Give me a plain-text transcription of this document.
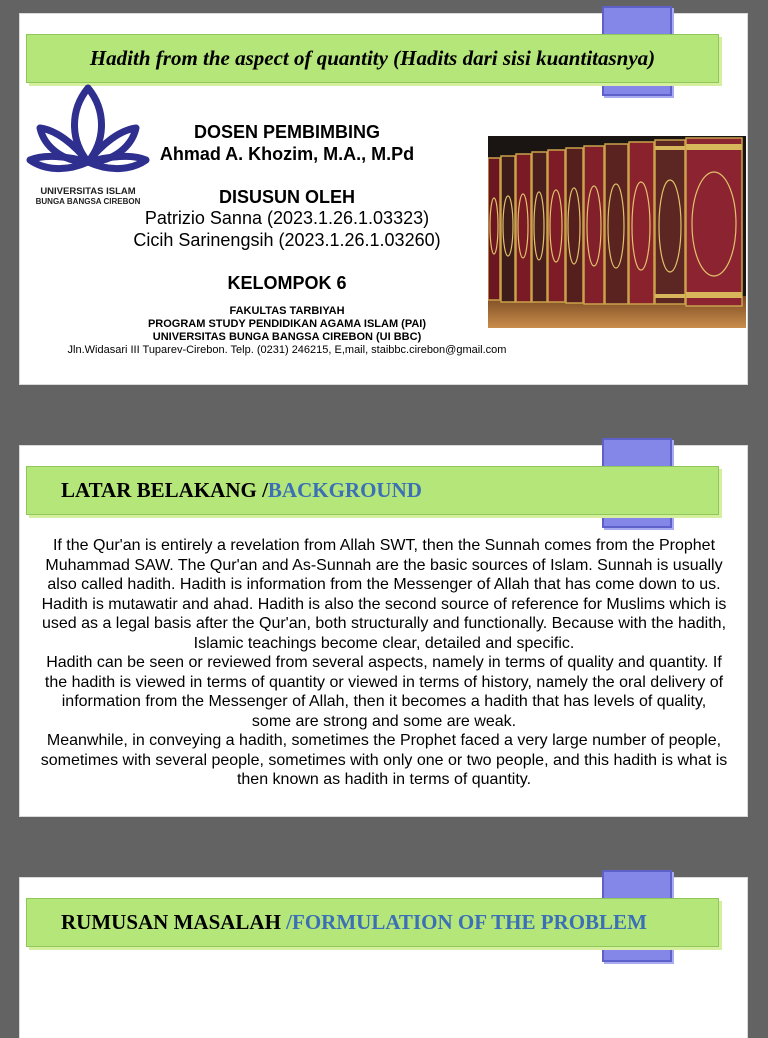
Hadith from the aspect of quantity (Hadits dari sisi kuantitasnya)
UNIVERSITAS ISLAM
BUNGA BANGSA CIREBON
DOSEN PEMBIMBING
Ahmad A. Khozim, M.A., M.Pd
DISUSUN OLEH
Patrizio Sanna (2023.1.26.1.03323)
Cicih Sarinengsih (2023.1.26.1.03260)
KELOMPOK 6
FAKULTAS TARBIYAH
PROGRAM STUDY PENDIDIKAN AGAMA ISLAM (PAI)
UNIVERSITAS BUNGA BANGSA CIREBON (UI BBC)
Jln.Widasari III Tuparev-Cirebon. Telp. (0231) 246215, E,mail, staibbc.cirebon@gmail.com
LATAR BELAKANG /BACKGROUND
If the Qur'an is entirely a revelation from Allah SWT, then the Sunnah comes from the Prophet Muhammad SAW. The Qur'an and As-Sunnah are the basic sources of Islam. Sunnah is usually also called hadith. Hadith is information from the Messenger of Allah that has come down to us. Hadith is mutawatir and ahad. Hadith is also the second source of reference for Muslims which is used as a legal basis after the Qur'an, both structurally and functionally. Because with the hadith, Islamic teachings become clear, detailed and specific.
Hadith can be seen or reviewed from several aspects, namely in terms of quality and quantity. If the hadith is viewed in terms of quantity or viewed in terms of history, namely the oral delivery of information from the Messenger of Allah, then it becomes a hadith that has levels of quality, some are strong and some are weak.
Meanwhile, in conveying a hadith, sometimes the Prophet faced a very large number of people, sometimes with several people, sometimes with only one or two people, and this hadith is what is then known as hadith in terms of quantity.
RUMUSAN MASALAH /FORMULATION OF THE PROBLEM
